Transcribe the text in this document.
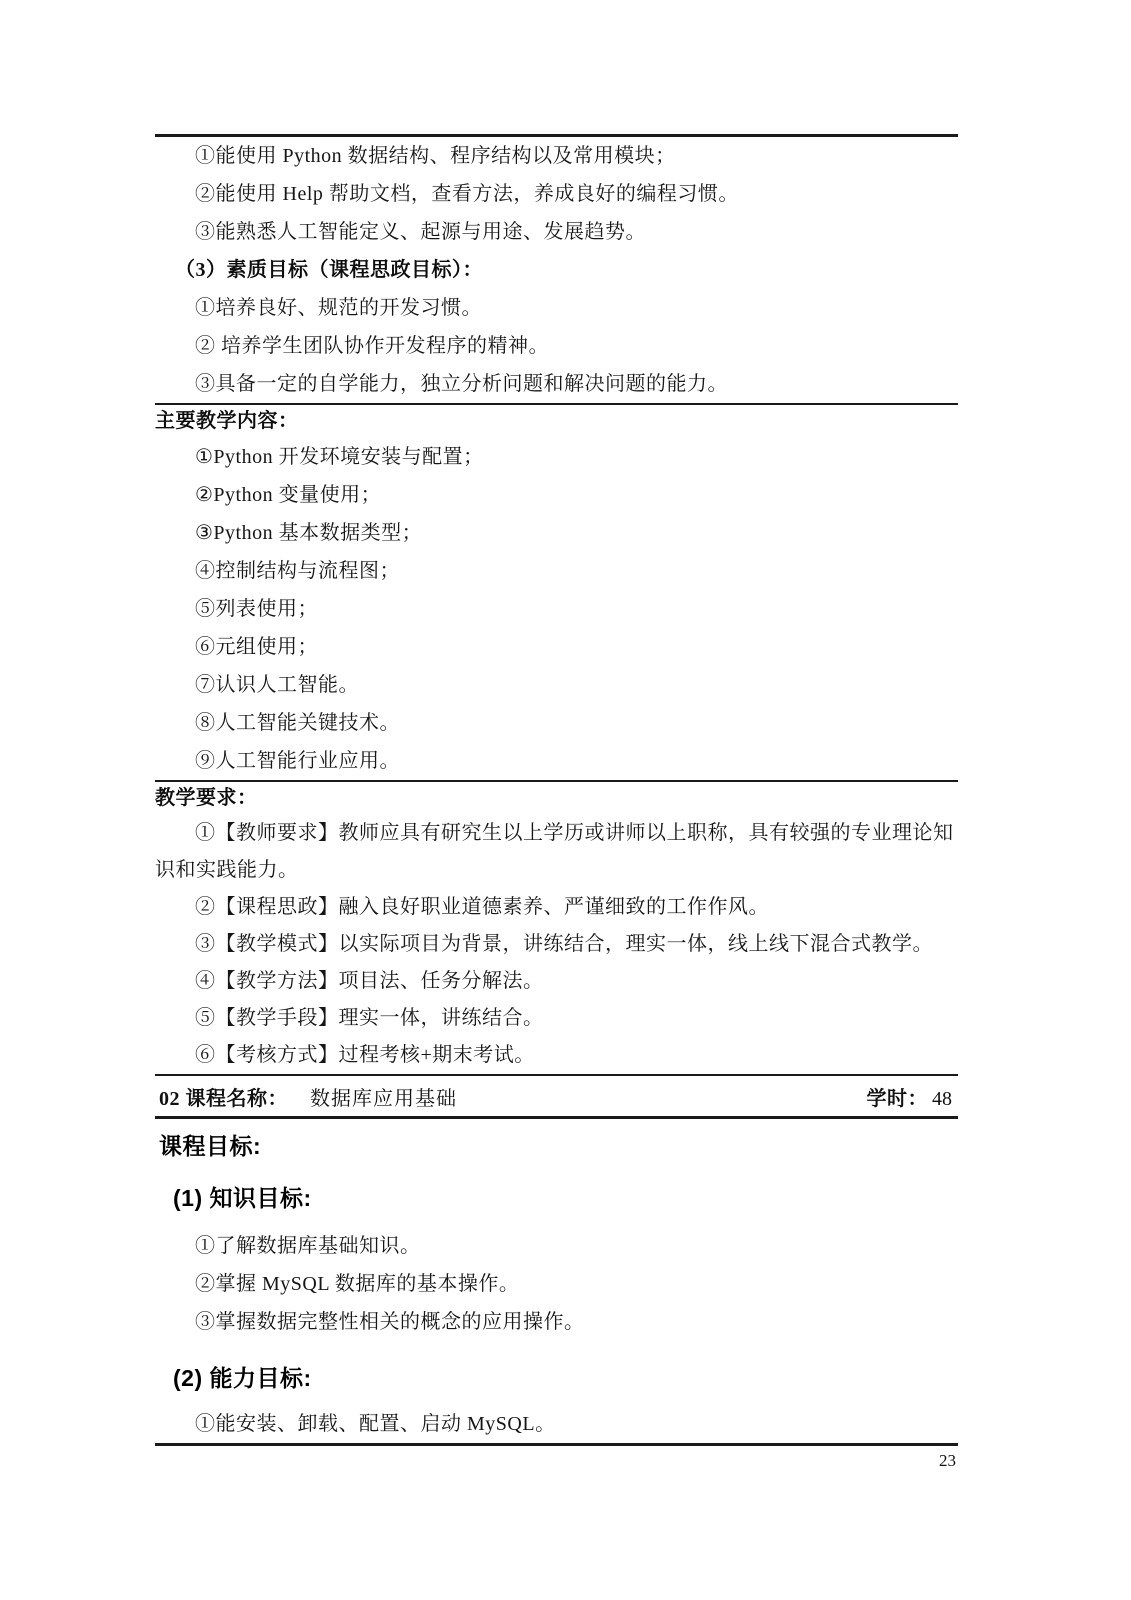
①能使用 Python 数据结构、程序结构以及常用模块；

②能使用 Help 帮助文档，查看方法，养成良好的编程习惯。

③能熟悉人工智能定义、起源与用途、发展趋势。

（3）素质目标（课程思政目标）：

①培养良好、规范的开发习惯。

② 培养学生团队协作开发程序的精神。

③具备一定的自学能力，独立分析问题和解决问题的能力。

主要教学内容：

①Python 开发环境安装与配置；

②Python 变量使用；

③Python 基本数据类型；

④控制结构与流程图；

⑤列表使用；

⑥元组使用；

⑦认识人工智能。

⑧人工智能关键技术。

⑨人工智能行业应用。

教学要求：

①【教师要求】教师应具有研究生以上学历或讲师以上职称，具有较强的专业理论知识和实践能力。

②【课程思政】融入良好职业道德素养、严谨细致的工作作风。

③【教学模式】以实际项目为背景，讲练结合，理实一体，线上线下混合式教学。

④【教学方法】项目法、任务分解法。

⑤【教学手段】理实一体，讲练结合。

⑥【考核方式】过程考核+期末考试。

02 课程名称： 数据库应用基础	学时： 48
课程目标:
(1) 知识目标:

①了解数据库基础知识。

②掌握 MySQL 数据库的基本操作。

③掌握数据完整性相关的概念的应用操作。

(2) 能力目标:

①能安装、卸载、配置、启动 MySQL。

23
